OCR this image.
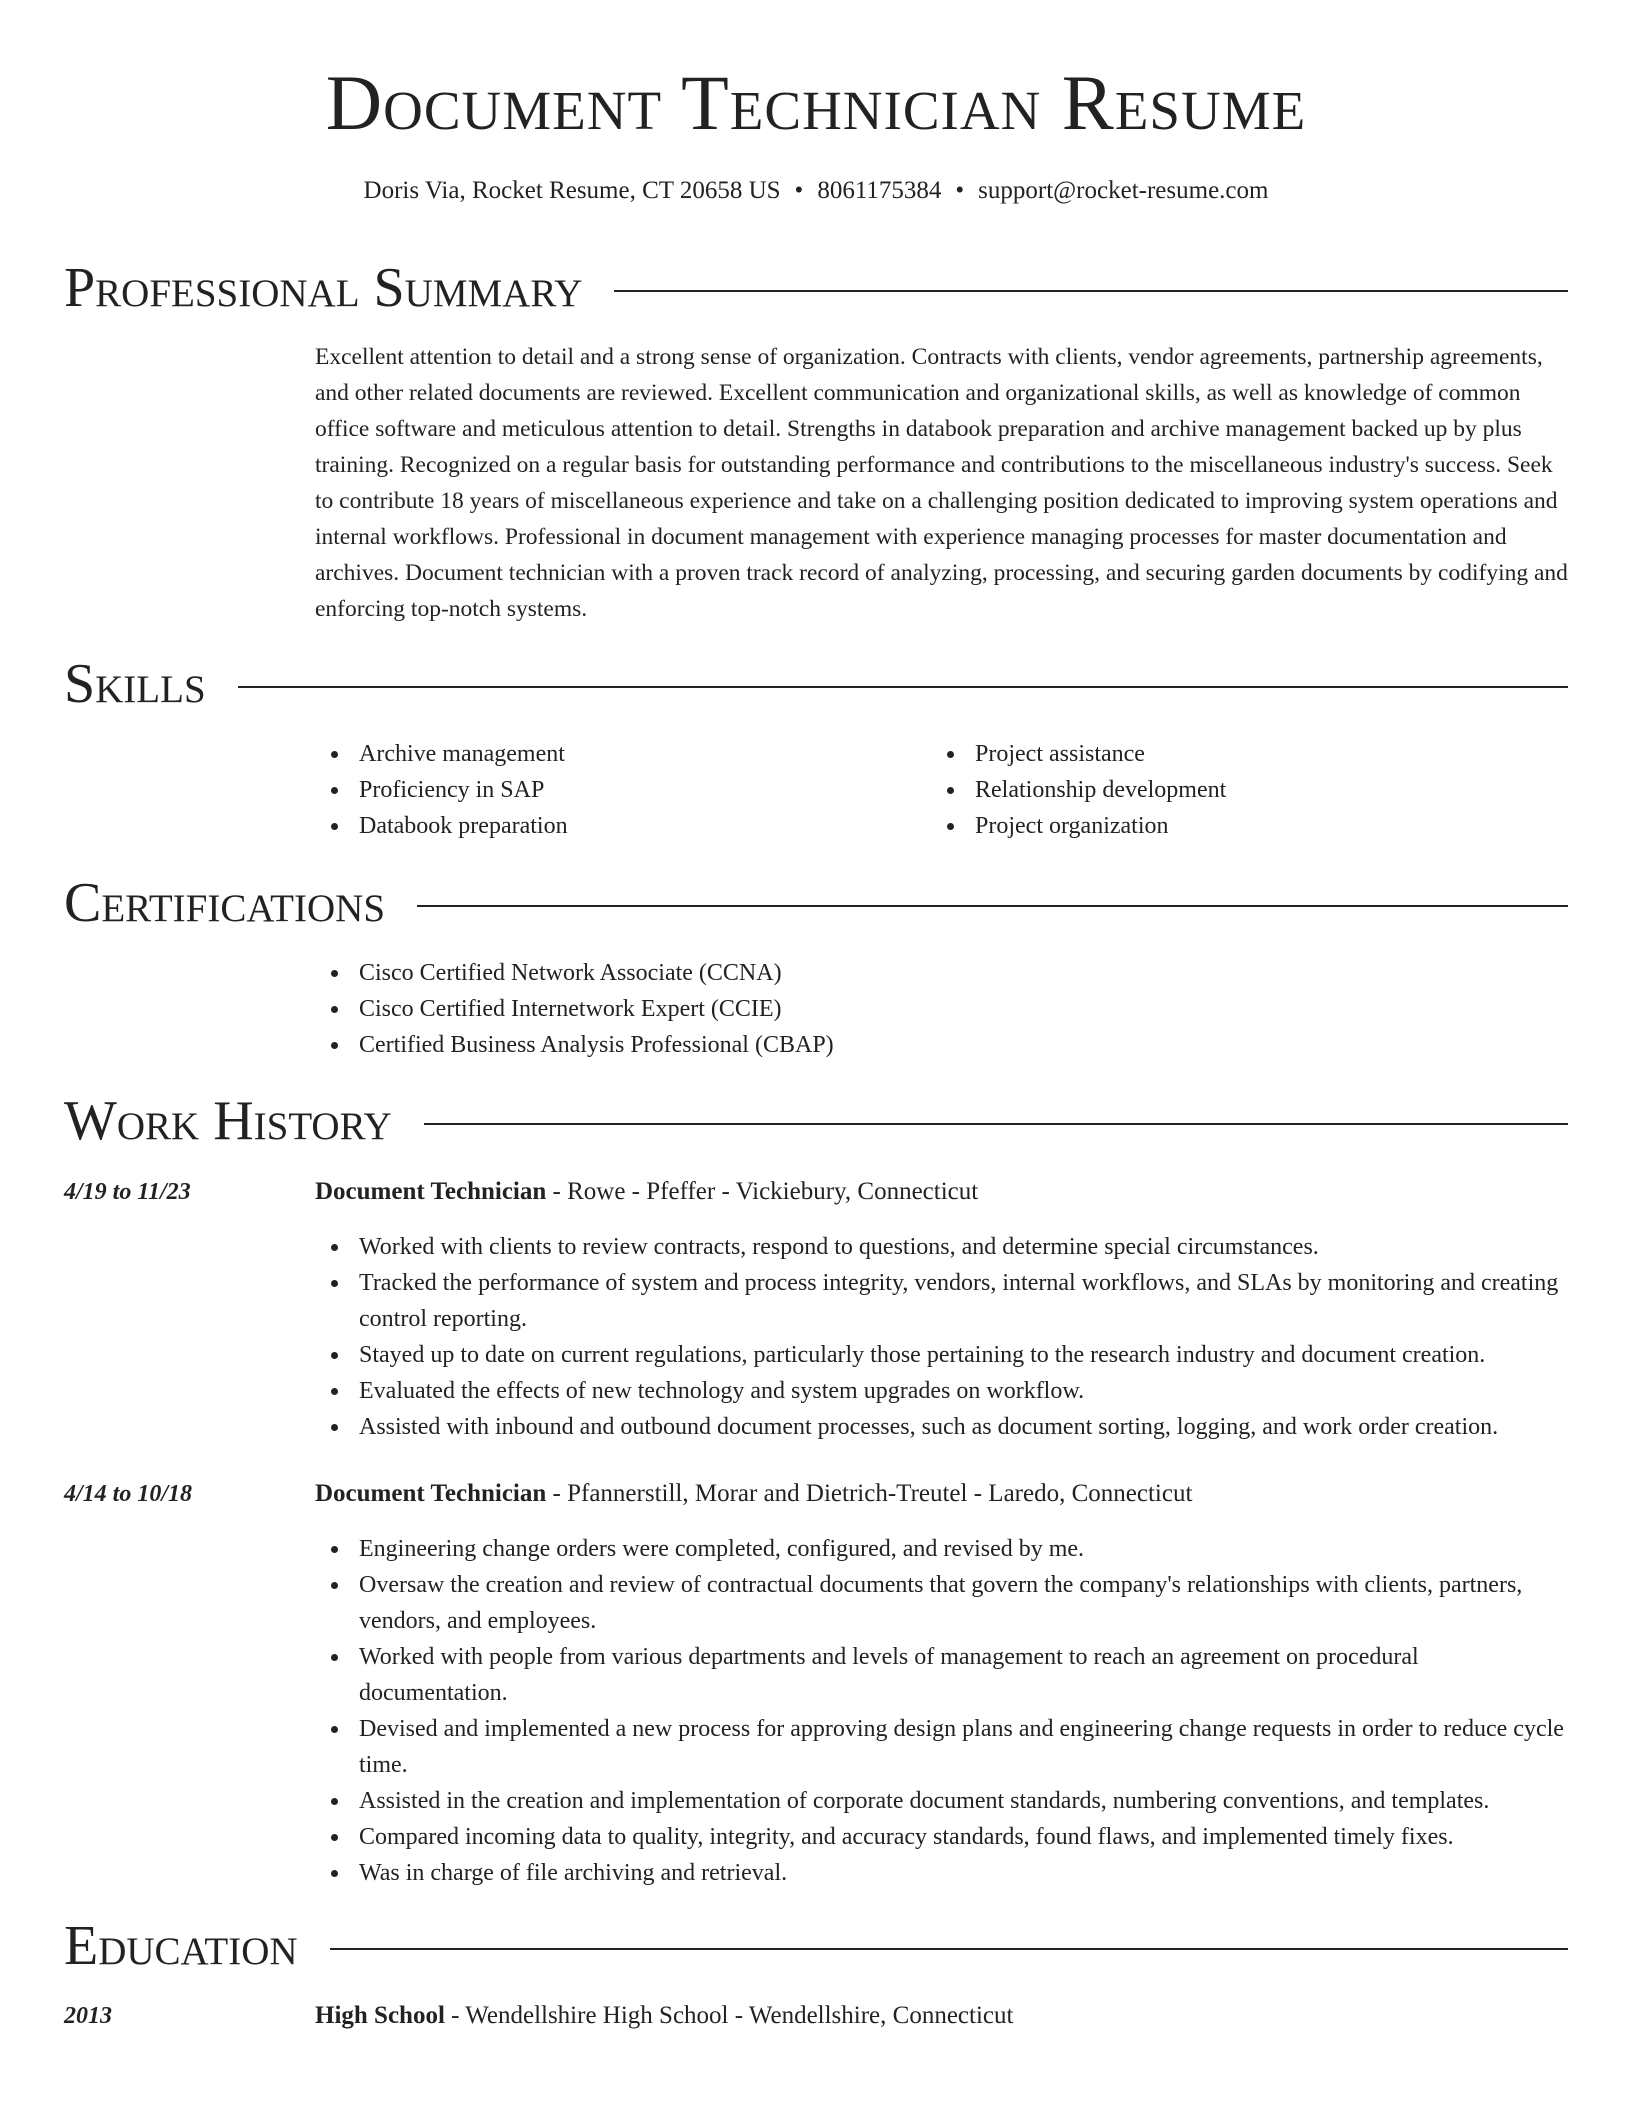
Document Technician Resume
Doris Via, Rocket Resume, CT 20658 US • 8061175384 • support@rocket-resume.com
Professional Summary

Excellent attention to detail and a strong sense of organization. Contracts with clients, vendor agreements, partnership agreements, and other related documents are reviewed. Excellent communication and organizational skills, as well as knowledge of common office software and meticulous attention to detail. Strengths in databook preparation and archive management backed up by plus training. Recognized on a regular basis for outstanding performance and contributions to the miscellaneous industry's success. Seek to contribute 18 years of miscellaneous experience and take on a challenging position dedicated to improving system operations and internal workflows. Professional in document management with experience managing processes for master documentation and archives. Document technician with a proven track record of analyzing, processing, and securing garden documents by codifying and enforcing top-notch systems.

Skills
Archive management
Proficiency in SAP
Databook preparation
Project assistance
Relationship development
Project organization
Certifications
Cisco Certified Network Associate (CCNA)
Cisco Certified Internetwork Expert (CCIE)
Certified Business Analysis Professional (CBAP)
Work History
4/19 to 11/23	Document Technician - Rowe - Pfeffer - Vickiebury, Connecticut
Worked with clients to review contracts, respond to questions, and determine special circumstances.
Tracked the performance of system and process integrity, vendors, internal workflows, and SLAs by monitoring and creating control reporting.
Stayed up to date on current regulations, particularly those pertaining to the research industry and document creation.
Evaluated the effects of new technology and system upgrades on workflow.
Assisted with inbound and outbound document processes, such as document sorting, logging, and work order creation.
4/14 to 10/18	Document Technician - Pfannerstill, Morar and Dietrich-Treutel - Laredo, Connecticut
Engineering change orders were completed, configured, and revised by me.
Oversaw the creation and review of contractual documents that govern the company's relationships with clients, partners, vendors, and employees.
Worked with people from various departments and levels of management to reach an agreement on procedural documentation.
Devised and implemented a new process for approving design plans and engineering change requests in order to reduce cycle time.
Assisted in the creation and implementation of corporate document standards, numbering conventions, and templates.
Compared incoming data to quality, integrity, and accuracy standards, found flaws, and implemented timely fixes.
Was in charge of file archiving and retrieval.
Education
2013	High School - Wendellshire High School - Wendellshire, Connecticut
